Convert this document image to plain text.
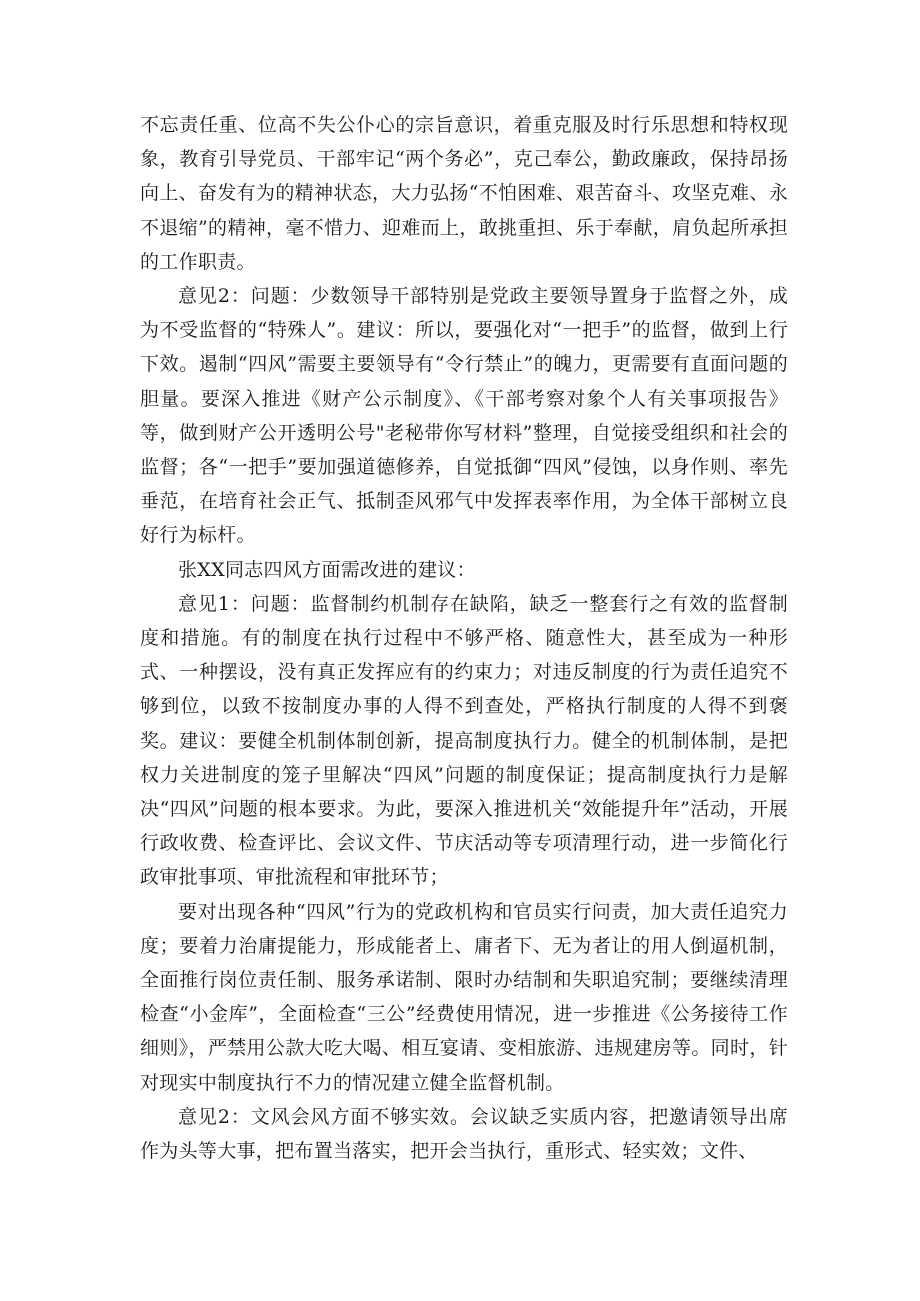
不忘责任重、位高不失公仆心的宗旨意识，着重克服及时行乐思想和特权现象，教育引导党员、干部牢记“两个务必”，克己奉公，勤政廉政，保持昂扬向上、奋发有为的精神状态，大力弘扬“不怕困难、艰苦奋斗、攻坚克难、永不退缩”的精神，毫不惜力、迎难而上，敢挑重担、乐于奉献，肩负起所承担的工作职责。

意见2：问题：少数领导干部特别是党政主要领导置身于监督之外，成为不受监督的“特殊人”。建议：所以，要强化对“一把手”的监督，做到上行下效。遏制“四风”需要主要领导有“令行禁止”的魄力，更需要有直面问题的胆量。要深入推进《财产公示制度》、《干部考察对象个人有关事项报告》等，做到财产公开透明公号"老秘带你写材料”整理，自觉接受组织和社会的监督；各“一把手”要加强道德修养，自觉抵御“四风”侵蚀，以身作则、率先垂范，在培育社会正气、抵制歪风邪气中发挥表率作用，为全体干部树立良好行为标杆。

张XX同志四风方面需改进的建议：

意见1：问题：监督制约机制存在缺陷，缺乏一整套行之有效的监督制度和措施。有的制度在执行过程中不够严格、随意性大，甚至成为一种形式、一种摆设，没有真正发挥应有的约束力；对违反制度的行为责任追究不够到位，以致不按制度办事的人得不到查处，严格执行制度的人得不到褒奖。建议：要健全机制体制创新，提高制度执行力。健全的机制体制，是把权力关进制度的笼子里解决“四风”问题的制度保证；提高制度执行力是解决“四风”问题的根本要求。为此，要深入推进机关“效能提升年”活动，开展行政收费、检查评比、会议文件、节庆活动等专项清理行动，进一步简化行政审批事项、审批流程和审批环节；

要对出现各种“四风”行为的党政机构和官员实行问责，加大责任追究力度；要着力治庸提能力，形成能者上、庸者下、无为者让的用人倒逼机制，全面推行岗位责任制、服务承诺制、限时办结制和失职追究制；要继续清理检查“小金库”，全面检查“三公”经费使用情况，进一步推进《公务接待工作细则》，严禁用公款大吃大喝、相互宴请、变相旅游、违规建房等。同时，针对现实中制度执行不力的情况建立健全监督机制。

意见2：文风会风方面不够实效。会议缺乏实质内容，把邀请领导出席作为头等大事，把布置当落实，把开会当执行，重形式、轻实效；文件、
